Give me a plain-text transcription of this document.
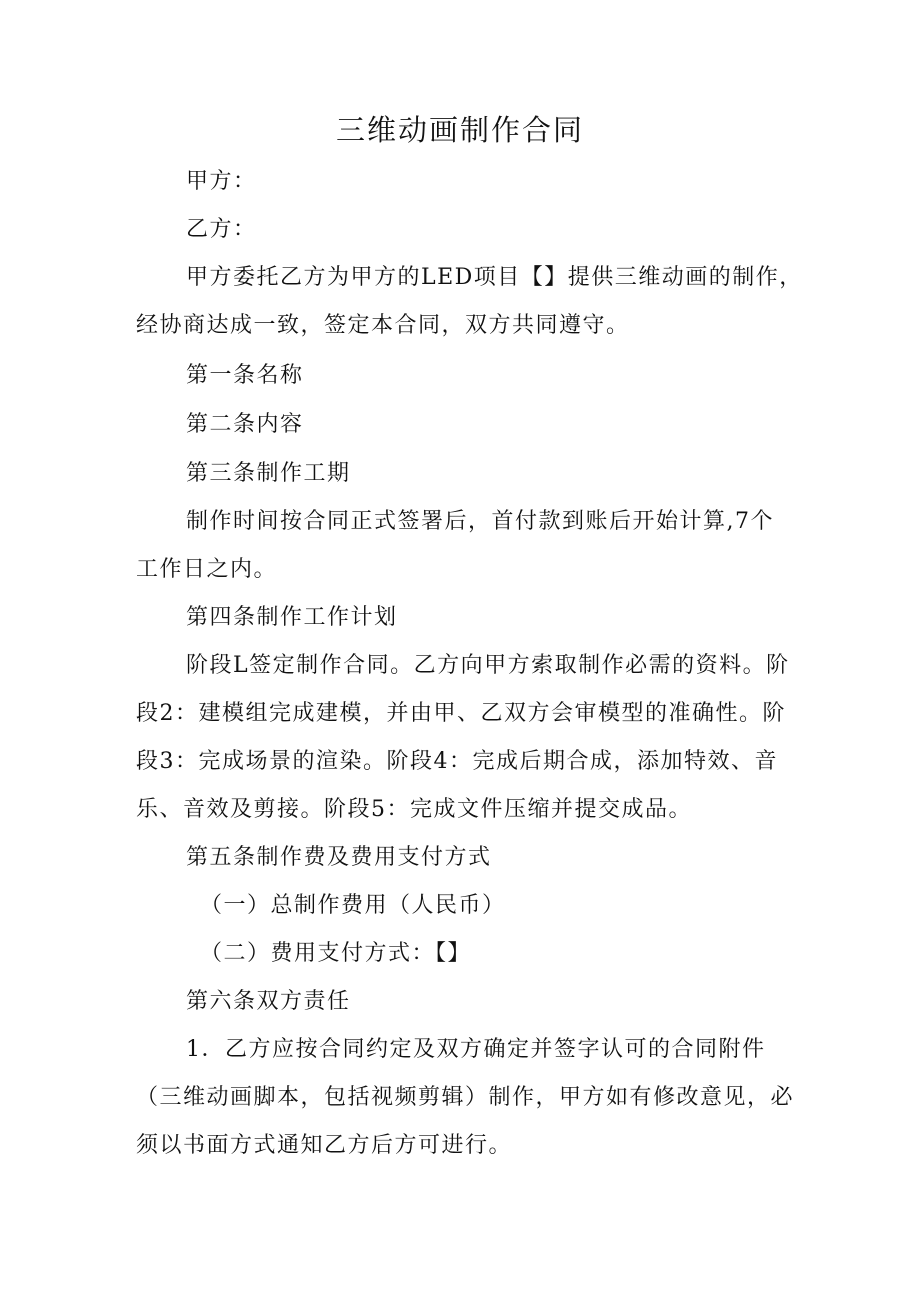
三维动画制作合同
甲方：
乙方：
甲方委托乙方为甲方的LED项目【】提供三维动画的制作，
经协商达成一致，签定本合同，双方共同遵守。
第一条名称
第二条内容
第三条制作工期
制作时间按合同正式签署后，首付款到账后开始计算,7个
工作日之内。
第四条制作工作计划
阶段L签定制作合同。乙方向甲方索取制作必需的资料。阶
段2：建模组完成建模，并由甲、乙双方会审模型的准确性。阶
段3：完成场景的渲染。阶段4：完成后期合成，添加特效、音
乐、音效及剪接。阶段5：完成文件压缩并提交成品。
第五条制作费及费用支付方式
（一）总制作费用（人民币）
（二）费用支付方式：【】
第六条双方责任
1．乙方应按合同约定及双方确定并签字认可的合同附件
（三维动画脚本，包括视频剪辑）制作，甲方如有修改意见，必
须以书面方式通知乙方后方可进行。
